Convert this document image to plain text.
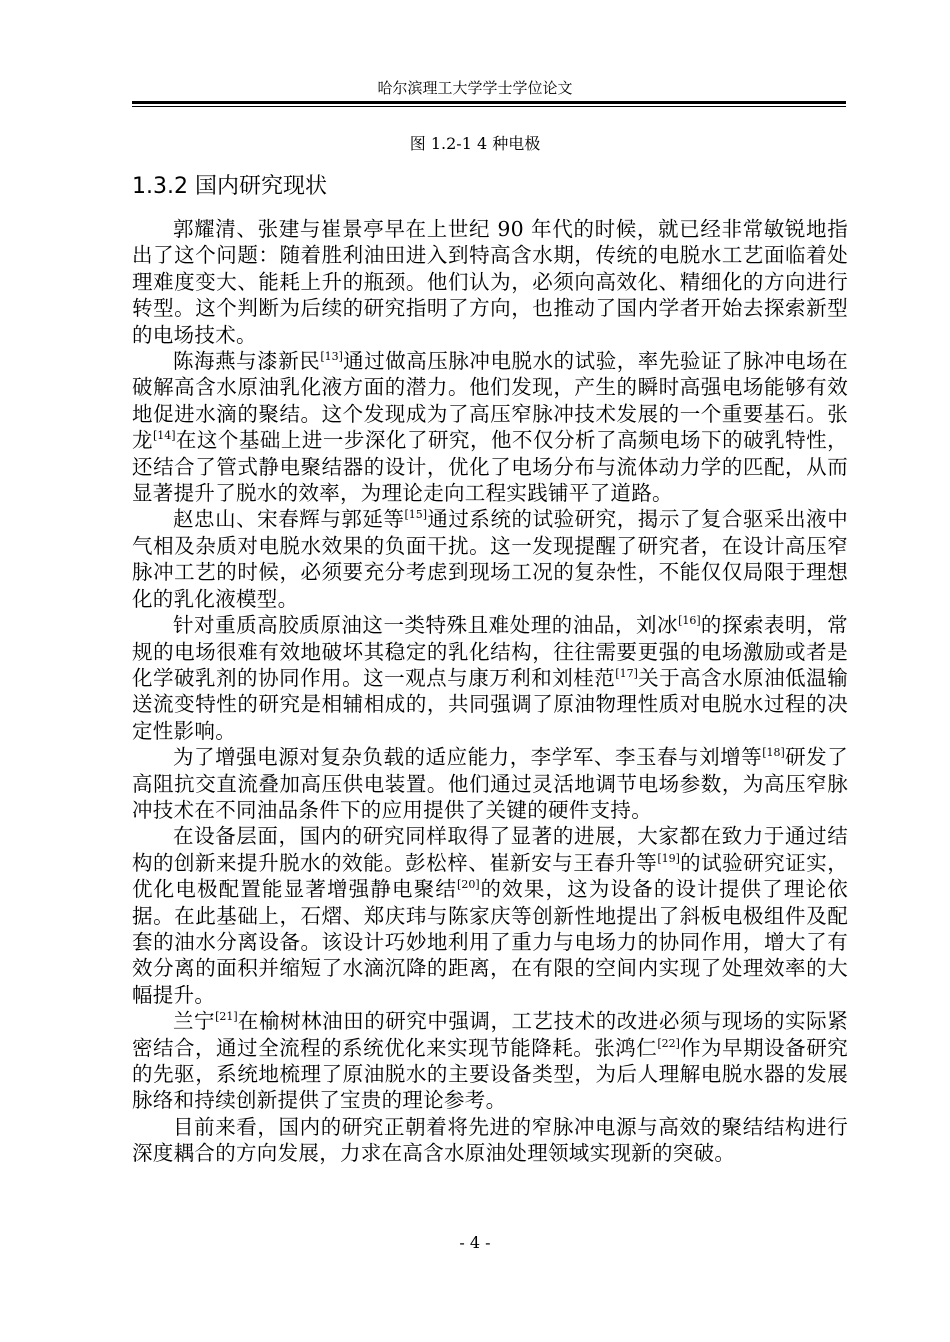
哈尔滨理工大学学士学位论文
图 1.2-1 4 种电极
1.3.2 国内研究现状

郭耀清、张建与崔景亭早在上世纪 90 年代的时候，就已经非常敏锐地指出了这个问题：随着胜利油田进入到特高含水期，传统的电脱水工艺面临着处理难度变大、能耗上升的瓶颈。他们认为，必须向高效化、精细化的方向进行转型。这个判断为后续的研究指明了方向，也推动了国内学者开始去探索新型的电场技术。

陈海燕与漆新民[13]通过做高压脉冲电脱水的试验，率先验证了脉冲电场在破解高含水原油乳化液方面的潜力。他们发现，产生的瞬时高强电场能够有效地促进水滴的聚结。这个发现成为了高压窄脉冲技术发展的一个重要基石。张龙[14]在这个基础上进一步深化了研究，他不仅分析了高频电场下的破乳特性，还结合了管式静电聚结器的设计，优化了电场分布与流体动力学的匹配，从而显著提升了脱水的效率，为理论走向工程实践铺平了道路。

赵忠山、宋春辉与郭延等[15]通过系统的试验研究，揭示了复合驱采出液中气相及杂质对电脱水效果的负面干扰。这一发现提醒了研究者，在设计高压窄脉冲工艺的时候，必须要充分考虑到现场工况的复杂性，不能仅仅局限于理想化的乳化液模型。

针对重质高胶质原油这一类特殊且难处理的油品，刘冰[16]的探索表明，常规的电场很难有效地破坏其稳定的乳化结构，往往需要更强的电场激励或者是化学破乳剂的协同作用。这一观点与康万利和刘桂范[17]关于高含水原油低温输送流变特性的研究是相辅相成的，共同强调了原油物理性质对电脱水过程的决定性影响。

为了增强电源对复杂负载的适应能力，李学军、李玉春与刘增等[18]研发了高阻抗交直流叠加高压供电装置。他们通过灵活地调节电场参数，为高压窄脉冲技术在不同油品条件下的应用提供了关键的硬件支持。

在设备层面，国内的研究同样取得了显著的进展，大家都在致力于通过结构的创新来提升脱水的效能。彭松梓、崔新安与王春升等[19]的试验研究证实，优化电极配置能显著增强静电聚结[20]的效果，这为设备的设计提供了理论依据。在此基础上，石熠、郑庆玮与陈家庆等创新性地提出了斜板电极组件及配套的油水分离设备。该设计巧妙地利用了重力与电场力的协同作用，增大了有效分离的面积并缩短了水滴沉降的距离，在有限的空间内实现了处理效率的大幅提升。

兰宁[21]在榆树林油田的研究中强调，工艺技术的改进必须与现场的实际紧密结合，通过全流程的系统优化来实现节能降耗。张鸿仁[22]作为早期设备研究的先驱，系统地梳理了原油脱水的主要设备类型，为后人理解电脱水器的发展脉络和持续创新提供了宝贵的理论参考。

目前来看，国内的研究正朝着将先进的窄脉冲电源与高效的聚结结构进行深度耦合的方向发展，力求在高含水原油处理领域实现新的突破。

- 4 -
